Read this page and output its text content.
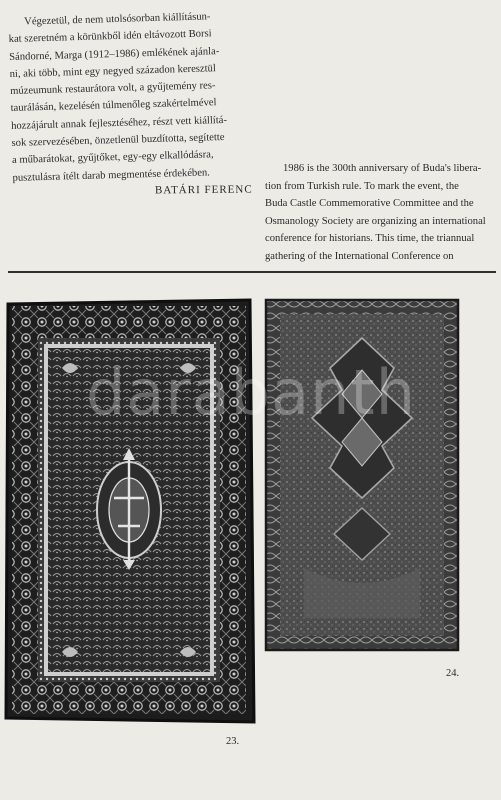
Végezetül, de nem utolsósorban kiállításun-
kat szeretném a körünkből idén eltávozott Borsi
Sándorné, Marga (1912–1986) emlékének ajánla-
ni, aki több, mint egy negyed századon keresztül
múzeumunk restaurátora volt, a gyűjtemény res-
taurálásán, kezelésén túlmenőleg szakértelmével
hozzájárult annak fejlesztéséhez, részt vett kiállítá-
sok szervezésében, önzetlenül buzdította, segítette
a műbarátokat, gyűjtőket, egy-egy elkallódásra,
pusztulásra ítélt darab megmentése érdekében.

BATÁRI FERENC

1986 is the 300th anniversary of Buda's libera-
tion from Turkish rule. To mark the event, the
Buda Castle Commemorative Committee and the
Osmanology Society are organizing an international
conference for historians. This time, the triannual
gathering of the International Conference on

24.
23.
darabanth
